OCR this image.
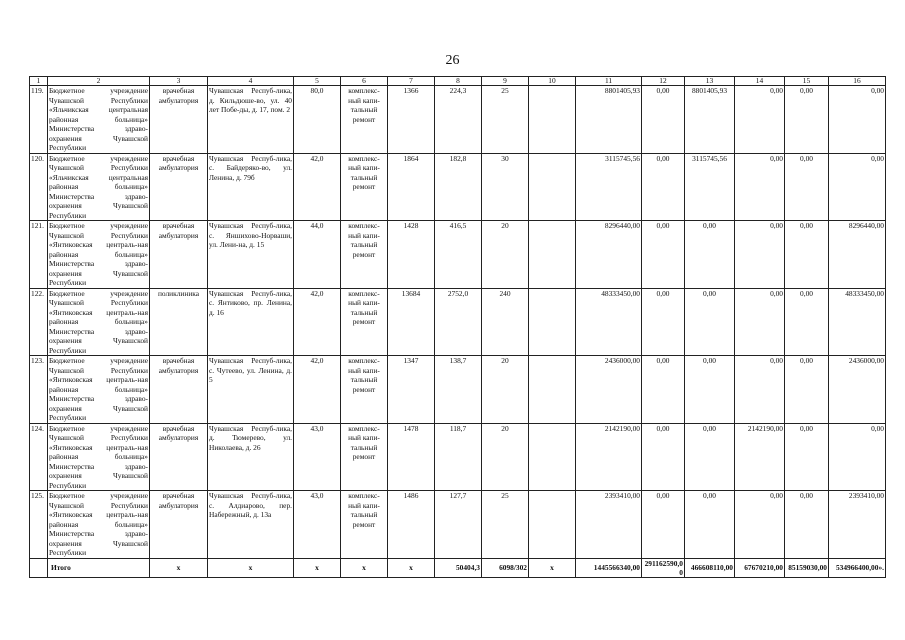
26
1	2	3	4	5	6	7	8	9	10	11	12	13	14	15	16
119.	Бюджетное учреждение Чувашской Республики «Яльчикская центральная районная больница» Министерства здраво-охранения Чувашской Республики	врачебная амбулатория	Чувашская Респуб-лика, д. Кильдюше-во, ул. 40 лет Побе-ды, д. 17, пом. 2	80,0	комплекс-ный капи-тальный ремонт	1366	224,3	25		8801405,93	0,00	8801405,93	0,00	0,00	0,00
120.	Бюджетное учреждение Чувашской Республики «Яльчикская центральная районная больница» Министерства здраво-охранения Чувашской Республики	врачебная амбулатория	Чувашская Респуб-лика, с. Байдеряко-во, ул. Ленина, д. 79б	42,0	комплекс-ный капи-тальный ремонт	1864	182,8	30		3115745,56	0,00	3115745,56	0,00	0,00	0,00
121.	Бюджетное учреждение Чувашской Республики «Янтиковская централь-ная районная больница» Министерства здраво-охранения Чувашской Республики	врачебная амбулатория	Чувашская Респуб-лика, с. Яншихово-Норваши, ул. Лени-на, д. 15	44,0	комплекс-ный капи-тальный ремонт	1428	416,5	20		8296440,00	0,00	0,00	0,00	0,00	8296440,00
122.	Бюджетное учреждение Чувашской Республики «Янтиковская централь-ная районная больница» Министерства здраво-охранения Чувашской Республики	поликлиника	Чувашская Респуб-лика, с. Янтиково, пр. Ленина, д. 16	42,0	комплекс-ный капи-тальный ремонт	13684	2752,0	240		48333450,00	0,00	0,00	0,00	0,00	48333450,00
123.	Бюджетное учреждение Чувашской Республики «Янтиковская централь-ная районная больница» Министерства здраво-охранения Чувашской Республики	врачебная амбулатория	Чувашская Респуб-лика, с. Чутеево, ул. Ленина, д. 5	42,0	комплекс-ный капи-тальный ремонт	1347	138,7	20		2436000,00	0,00	0,00	0,00	0,00	2436000,00
124.	Бюджетное учреждение Чувашской Республики «Янтиковская централь-ная районная больница» Министерства здраво-охранения Чувашской Республики	врачебная амбулатория	Чувашская Респуб-лика, д. Тюмерево, ул. Николаева, д. 26	43,0	комплекс-ный капи-тальный ремонт	1478	118,7	20		2142190,00	0,00	0,00	2142190,00	0,00	0,00
125.	Бюджетное учреждение Чувашской Республики «Янтиковская централь-ная районная больница» Министерства здраво-охранения Чувашской Республики	врачебная амбулатория	Чувашская Респуб-лика, с. Алдиарово, пер. Набережный, д. 13а	43,0	комплекс-ный капи-тальный ремонт	1486	127,7	25		2393410,00	0,00	0,00	0,00	0,00	2393410,00
	Итого	x	x	x	x	x	50404,3	6098/302	x	1445566340,00	291162590,00	466608110,00	67670210,00	85159030,00	534966400,00».
